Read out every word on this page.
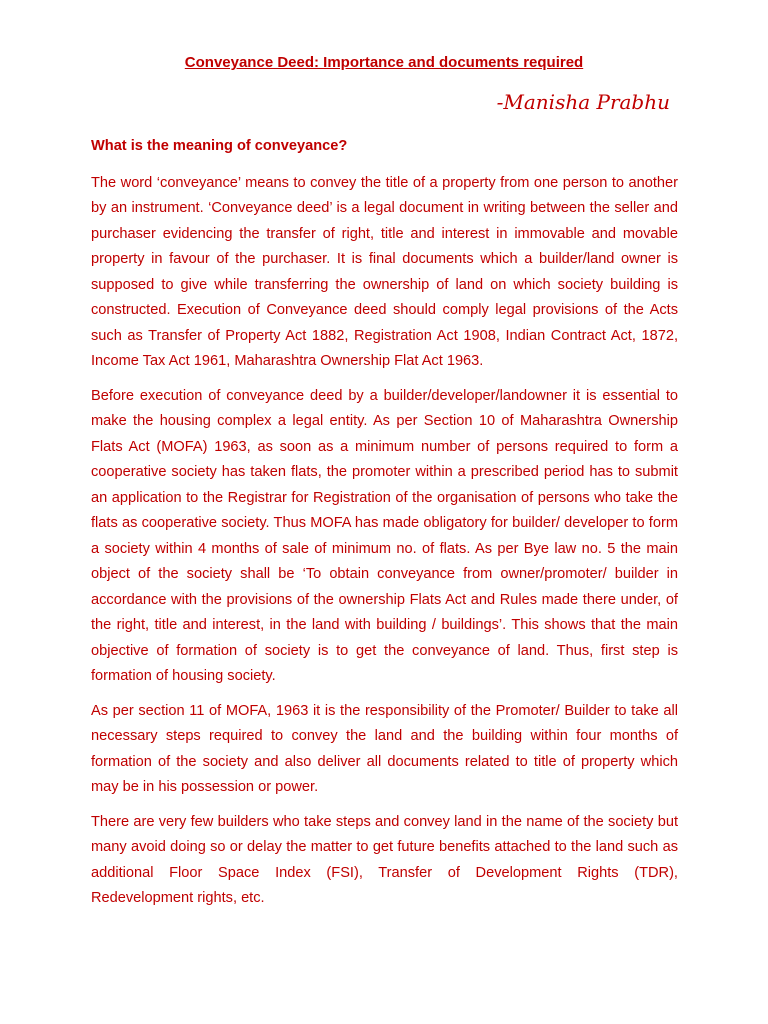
Conveyance Deed: Importance and documents required

-Manisha Prabhu

What is the meaning of conveyance?

The word ‘conveyance’ means to convey the title of a property from one person to another by an instrument. ‘Conveyance deed’ is a legal document in writing between the seller and purchaser evidencing the transfer of right, title and interest in immovable and movable property in favour of the purchaser. It is final documents which a builder/land owner is supposed to give while transferring the ownership of land on which society building is constructed. Execution of Conveyance deed should comply legal provisions of the Acts such as Transfer of Property Act 1882, Registration Act 1908, Indian Contract Act, 1872, Income Tax Act 1961, Maharashtra Ownership Flat Act 1963.

Before execution of conveyance deed by a builder/developer/landowner it is essential to make the housing complex a legal entity. As per Section 10 of Maharashtra Ownership Flats Act (MOFA) 1963, as soon as a minimum number of persons required to form a cooperative society has taken flats, the promoter within a prescribed period has to submit an application to the Registrar for Registration of the organisation of persons who take the flats as cooperative society. Thus MOFA has made obligatory for builder/ developer to form a society within 4 months of sale of minimum no. of flats. As per Bye law no. 5 the main object of the society shall be ‘To obtain conveyance from owner/promoter/ builder in accordance with the provisions of the ownership Flats Act and Rules made there under, of the right, title and interest, in the land with building / buildings’. This shows that the main objective of formation of society is to get the conveyance of land. Thus, first step is formation of housing society.

As per section 11 of MOFA, 1963 it is the responsibility of the Promoter/ Builder to take all necessary steps required to convey the land and the building within four months of formation of the society and also deliver all documents related to title of property which may be in his possession or power.

There are very few builders who take steps and convey land in the name of the society but many avoid doing so or delay the matter to get future benefits attached to the land such as additional Floor Space Index (FSI), Transfer of Development Rights (TDR), Redevelopment rights, etc.
